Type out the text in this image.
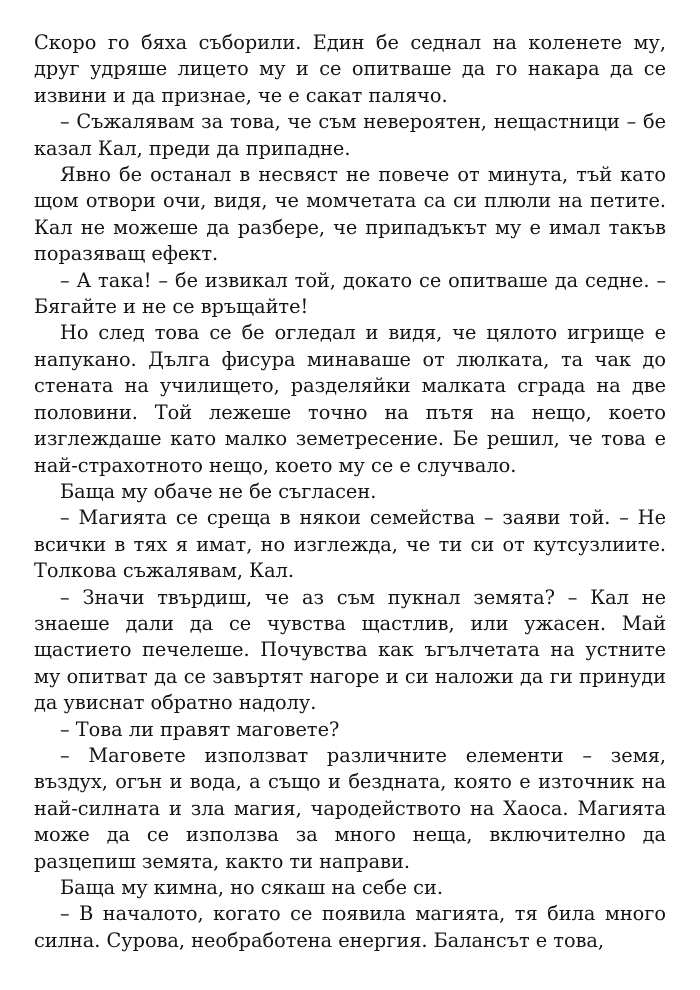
Скоро го бяха съборили. Един бе седнал на коленете му, друг удряше лицето му и се опитваше да го накара да се извини и да признае, че е сакат палячо.

– Съжалявам за това, че съм невероятен, нещастници – бе казал Кал, преди да припадне.

Явно бе останал в несвяст не повече от минута, тъй като щом отвори очи, видя, че момчетата са си плюли на петите. Кал не можеше да разбере, че припадъкът му е имал такъв поразяващ ефект.

– А така! – бе извикал той, докато се опитваше да седне. – Бягайте и не се връщайте!

Но след това се бе огледал и видя, че цялото игрище е напукано. Дълга фисура минаваше от люлката, та чак до стената на училището, разделяйки малката сграда на две половини. Той лежеше точно на пътя на нещо, което изглеждаше като малко земетресение. Бе решил, че това е най-страхотното нещо, което му се е случвало.

Баща му обаче не бе съгласен.

– Магията се среща в някои семейства – заяви той. – Не всички в тях я имат, но изглежда, че ти си от кутсузлиите. Толкова съжалявам, Кал.

– Значи твърдиш, че аз съм пукнал земята? – Кал не знаеше дали да се чувства щастлив, или ужасен. Май щастието печелеше. Почувства как ъгълчетата на устните му опитват да се завъртят нагоре и си наложи да ги принуди да увиснат обратно надолу.

– Това ли правят маговете?

– Маговете използват различните елементи – земя, въздух, огън и вода, а също и бездната, която е източник на най-силната и зла магия, чародейството на Хаоса. Магията може да се използва за много неща, включително да разцепиш земята, както ти направи.

Баща му кимна, но сякаш на себе си.

– В началото, когато се появила магията, тя била много силна. Сурова, необработена енергия. Балансът е това,
